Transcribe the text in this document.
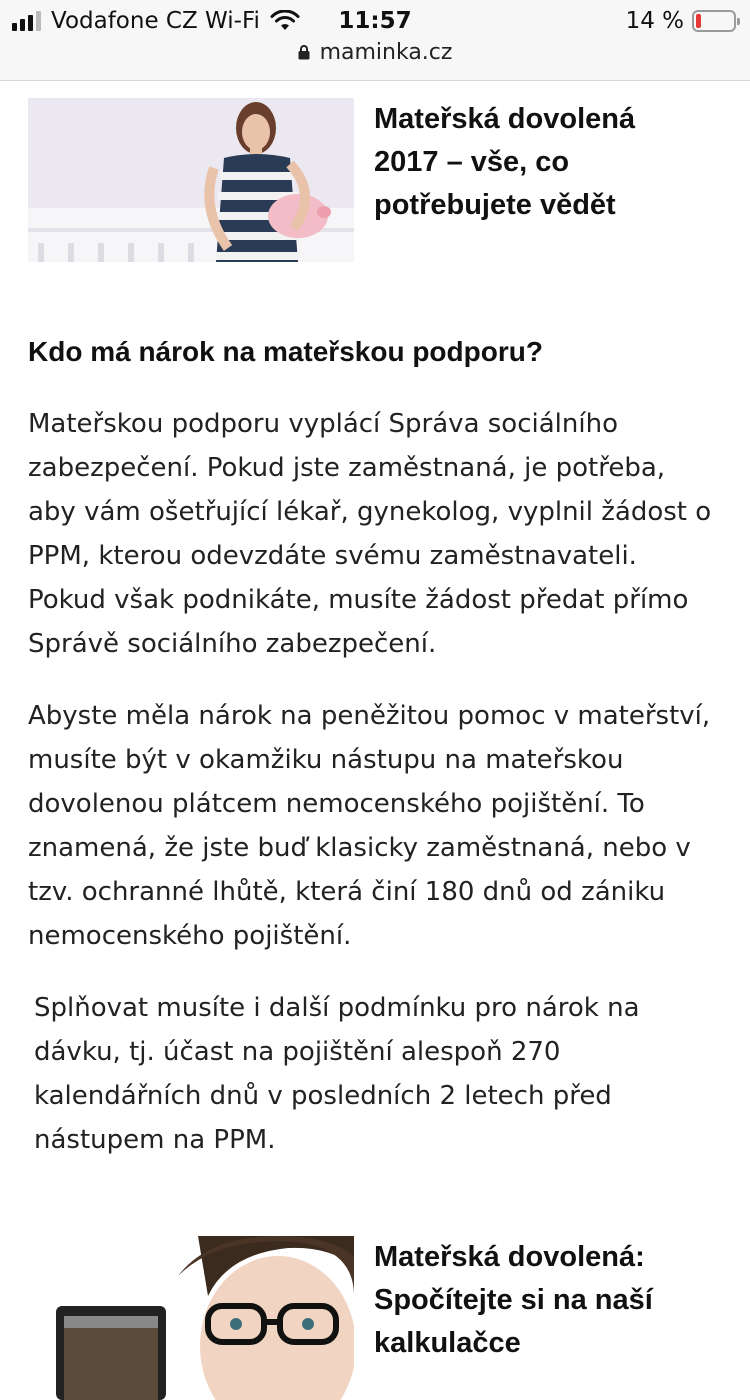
Vodafone CZ Wi-Fi	11:57	14 %
maminka.cz
Mateřská dovolená 2017 – vše, co potřebujete vědět
Kdo má nárok na mateřskou podporu?

Mateřskou podporu vyplácí Správa sociálního zabezpečení. Pokud jste zaměstnaná, je potřeba, aby vám ošetřující lékař, gynekolog, vyplnil žádost o PPM, kterou odevzdáte svému zaměstnavateli. Pokud však podnikáte, musíte žádost předat přímo Správě sociálního zabezpečení.

Abyste měla nárok na peněžitou pomoc v mateřství, musíte být v okamžiku nástupu na mateřskou dovolenou plátcem nemocenského pojištění. To znamená, že jste buď klasicky zaměstnaná, nebo v tzv. ochranné lhůtě, která činí 180 dnů od zániku nemocenského pojištění.

Splňovat musíte i další podmínku pro nárok na dávku, tj. účast na pojištění alespoň 270 kalendářních dnů v posledních 2 letech před nástupem na PPM.

Mateřská dovolená: Spočítejte si na naší kalkulačce
